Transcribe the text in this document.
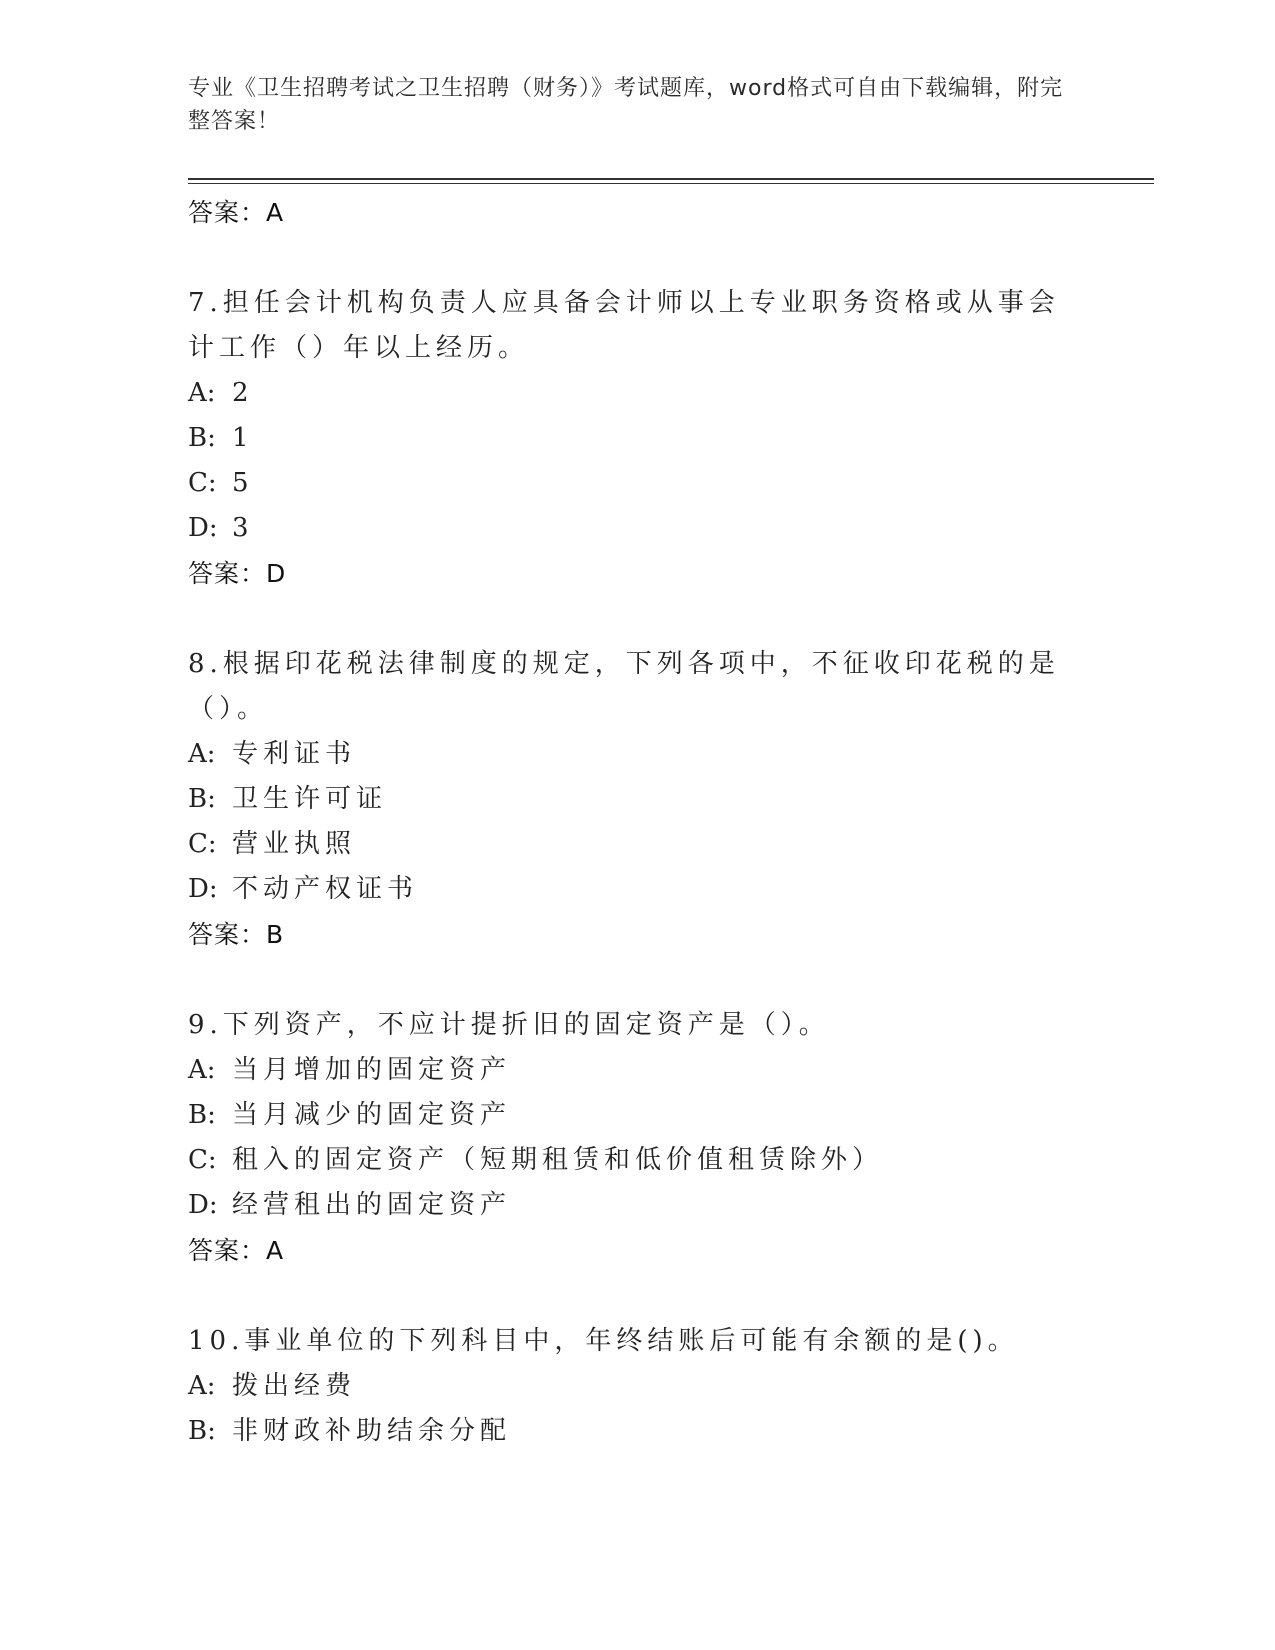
专业《卫生招聘考试之卫生招聘（财务）》考试题库，word格式可自由下载编辑，附完整答案！
答案：A
7.担任会计机构负责人应具备会计师以上专业职务资格或从事会计工作（）年以上经历。
A: 2
B: 1
C: 5
D: 3
答案：D
8.根据印花税法律制度的规定，下列各项中，不征收印花税的是（）。
A: 专利证书
B: 卫生许可证
C: 营业执照
D: 不动产权证书
答案：B
9.下列资产，不应计提折旧的固定资产是（）。
A: 当月增加的固定资产
B: 当月减少的固定资产
C: 租入的固定资产（短期租赁和低价值租赁除外）
D: 经营租出的固定资产
答案：A
10.事业单位的下列科目中，年终结账后可能有余额的是()。
A: 拨出经费
B: 非财政补助结余分配
